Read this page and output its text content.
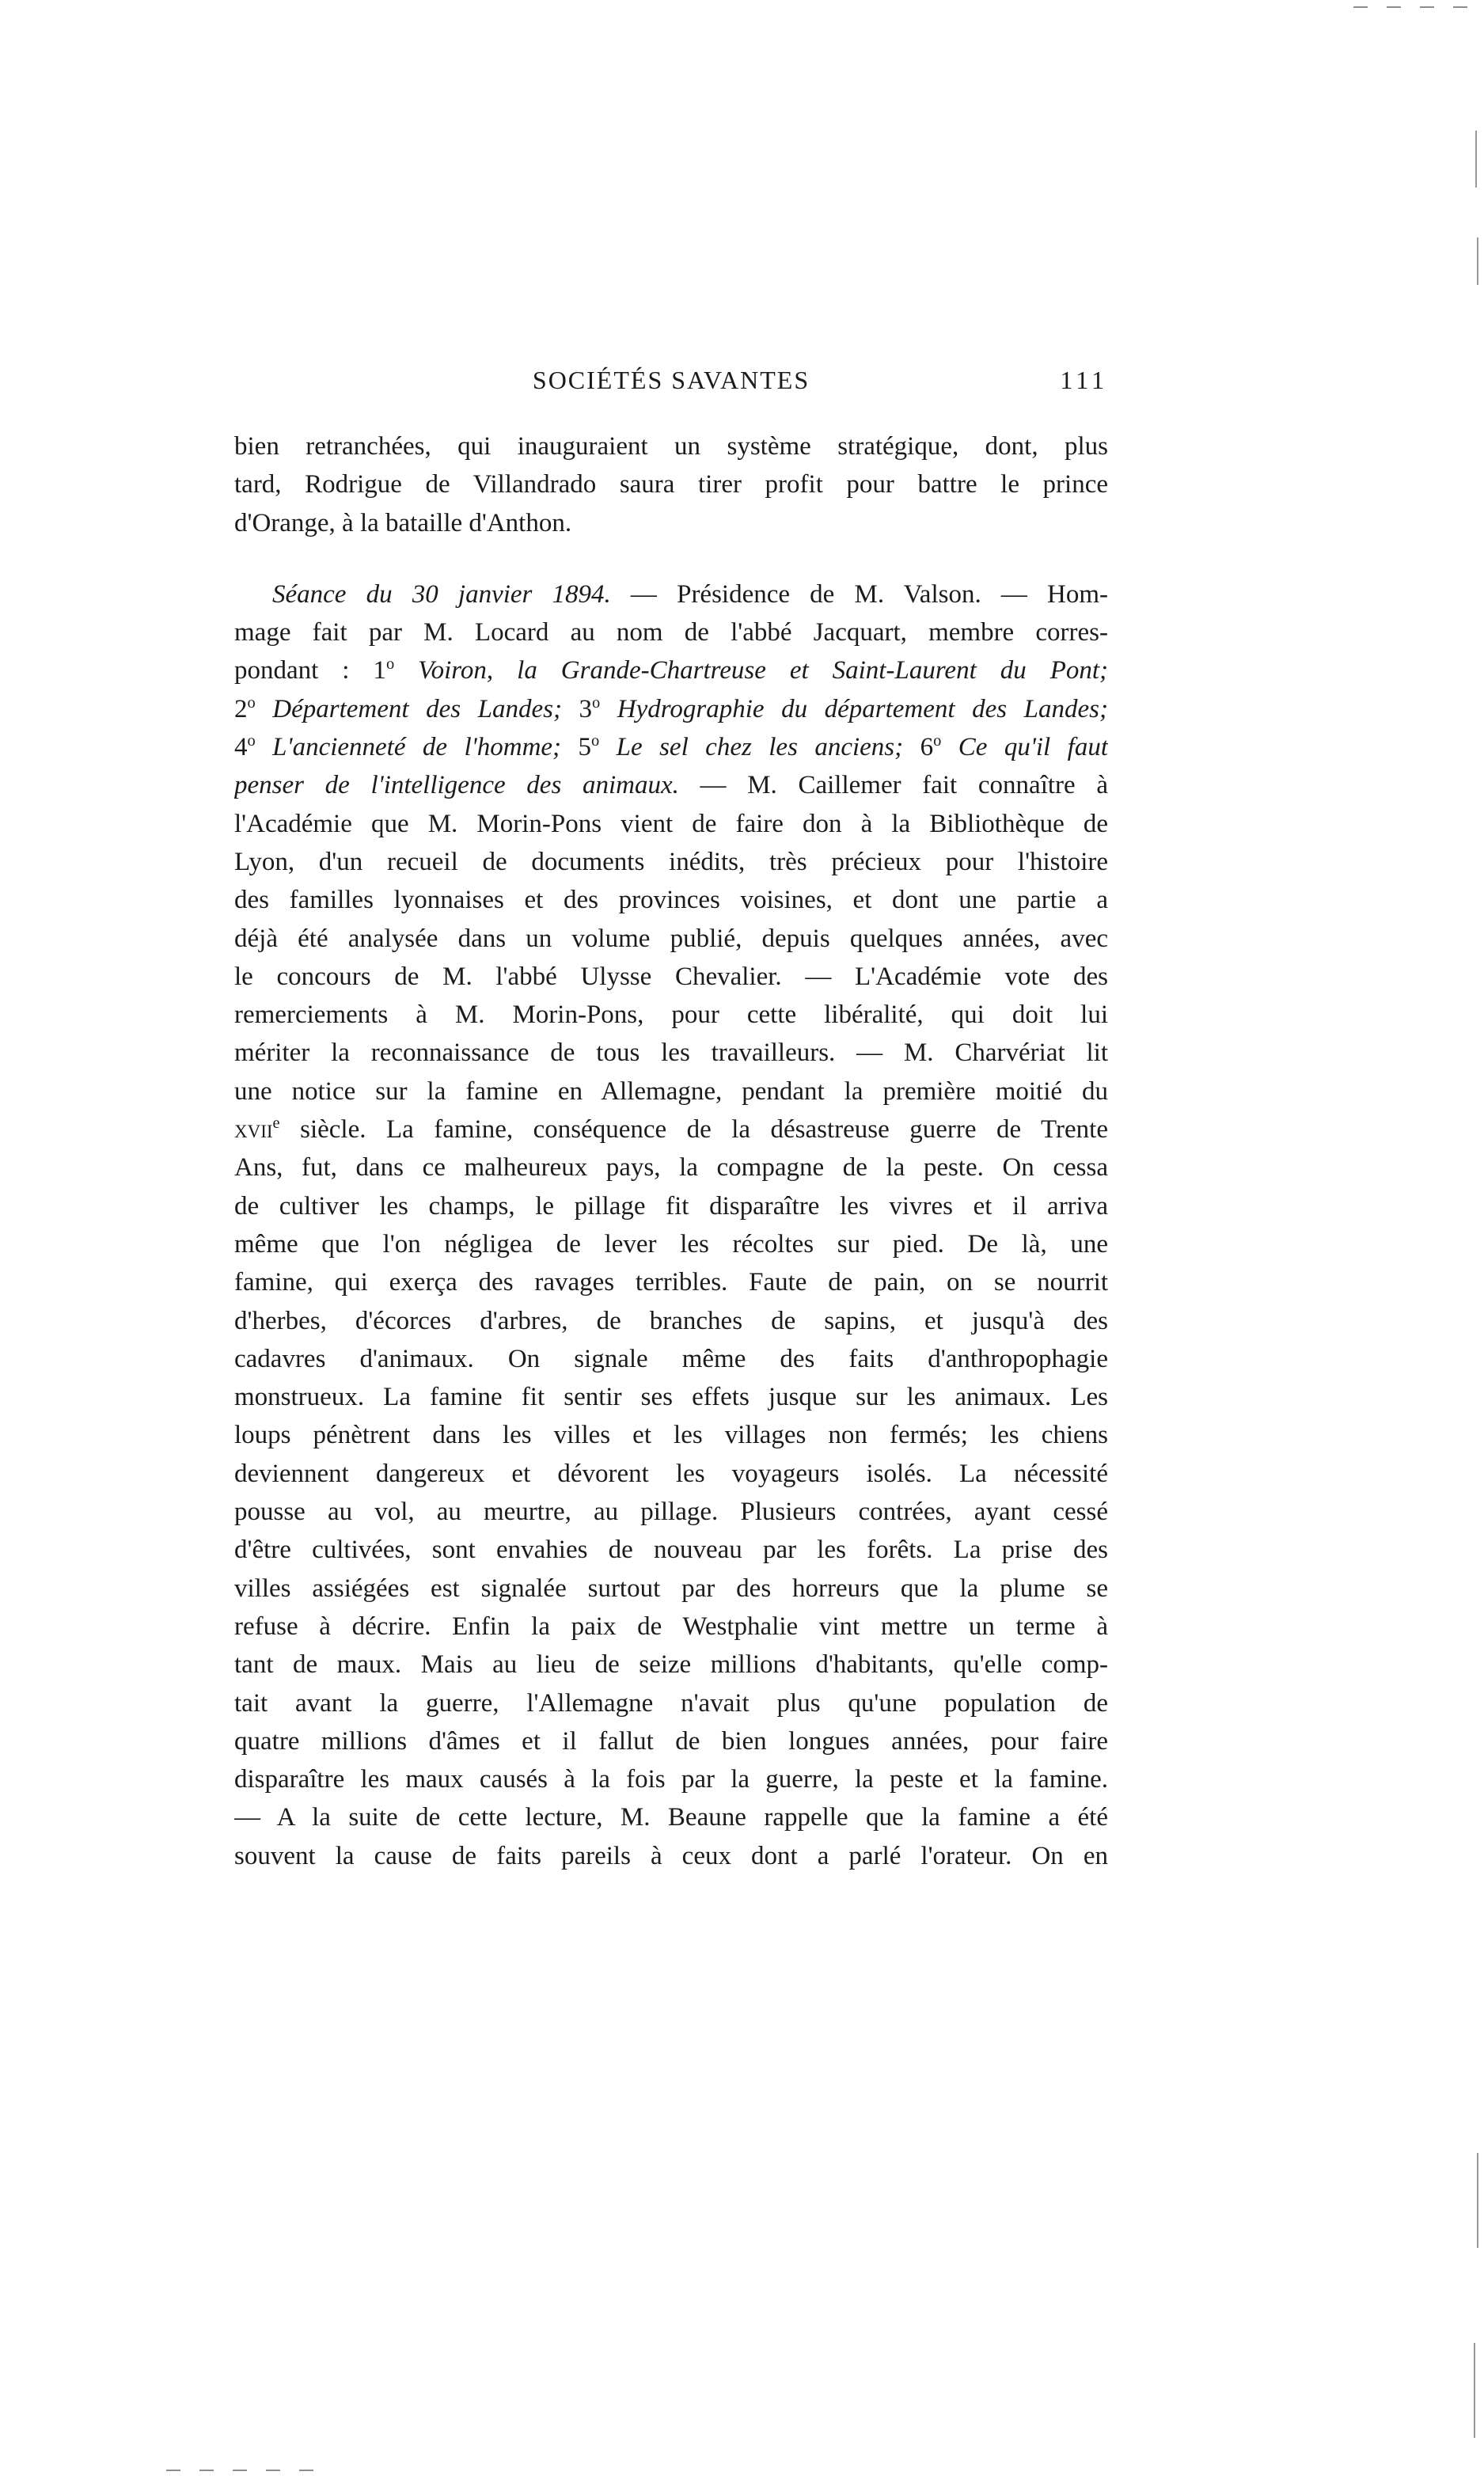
SOCIÉTÉS SAVANTES	111
bien retranchées, qui inauguraient un système stratégique, dont, plus
tard, Rodrigue de Villandrado saura tirer profit pour battre le prince
d'Orange, à la bataille d'Anthon.
Séance du 30 janvier 1894. — Présidence de M. Valson. — Hom-
mage fait par M. Locard au nom de l'abbé Jacquart, membre corres-
pondant : 1$^o$ Voiron, la Grande-Chartreuse et Saint-Laurent du Pont;
2$^o$ Département des Landes; 3$^o$ Hydrographie du département des Landes;
4$^o$ L'ancienneté de l'homme; 5$^o$ Le sel chez les anciens; 6$^o$ Ce qu'il faut
penser de l'intelligence des animaux. — M. Caillemer fait connaître à
l'Académie que M. Morin-Pons vient de faire don à la Bibliothèque de
Lyon, d'un recueil de documents inédits, très précieux pour l'histoire
des familles lyonnaises et des provinces voisines, et dont une partie a
déjà été analysée dans un volume publié, depuis quelques années, avec
le concours de M. l'abbé Ulysse Chevalier. — L'Académie vote des
remerciements à M. Morin-Pons, pour cette libéralité, qui doit lui
mériter la reconnaissance de tous les travailleurs. — M. Charvériat lit
une notice sur la famine en Allemagne, pendant la première moitié du
xvii$^e$ siècle. La famine, conséquence de la désastreuse guerre de Trente
Ans, fut, dans ce malheureux pays, la compagne de la peste. On cessa
de cultiver les champs, le pillage fit disparaître les vivres et il arriva
même que l'on négligea de lever les récoltes sur pied. De là, une
famine, qui exerça des ravages terribles. Faute de pain, on se nourrit
d'herbes, d'écorces d'arbres, de branches de sapins, et jusqu'à des
cadavres d'animaux. On signale même des faits d'anthropophagie
monstrueux. La famine fit sentir ses effets jusque sur les animaux. Les
loups pénètrent dans les villes et les villages non fermés; les chiens
deviennent dangereux et dévorent les voyageurs isolés. La nécessité
pousse au vol, au meurtre, au pillage. Plusieurs contrées, ayant cessé
d'être cultivées, sont envahies de nouveau par les forêts. La prise des
villes assiégées est signalée surtout par des horreurs que la plume se
refuse à décrire. Enfin la paix de Westphalie vint mettre un terme à
tant de maux. Mais au lieu de seize millions d'habitants, qu'elle comp-
tait avant la guerre, l'Allemagne n'avait plus qu'une population de
quatre millions d'âmes et il fallut de bien longues années, pour faire
disparaître les maux causés à la fois par la guerre, la peste et la famine.
— A la suite de cette lecture, M. Beaune rappelle que la famine a été
souvent la cause de faits pareils à ceux dont a parlé l'orateur. On en
